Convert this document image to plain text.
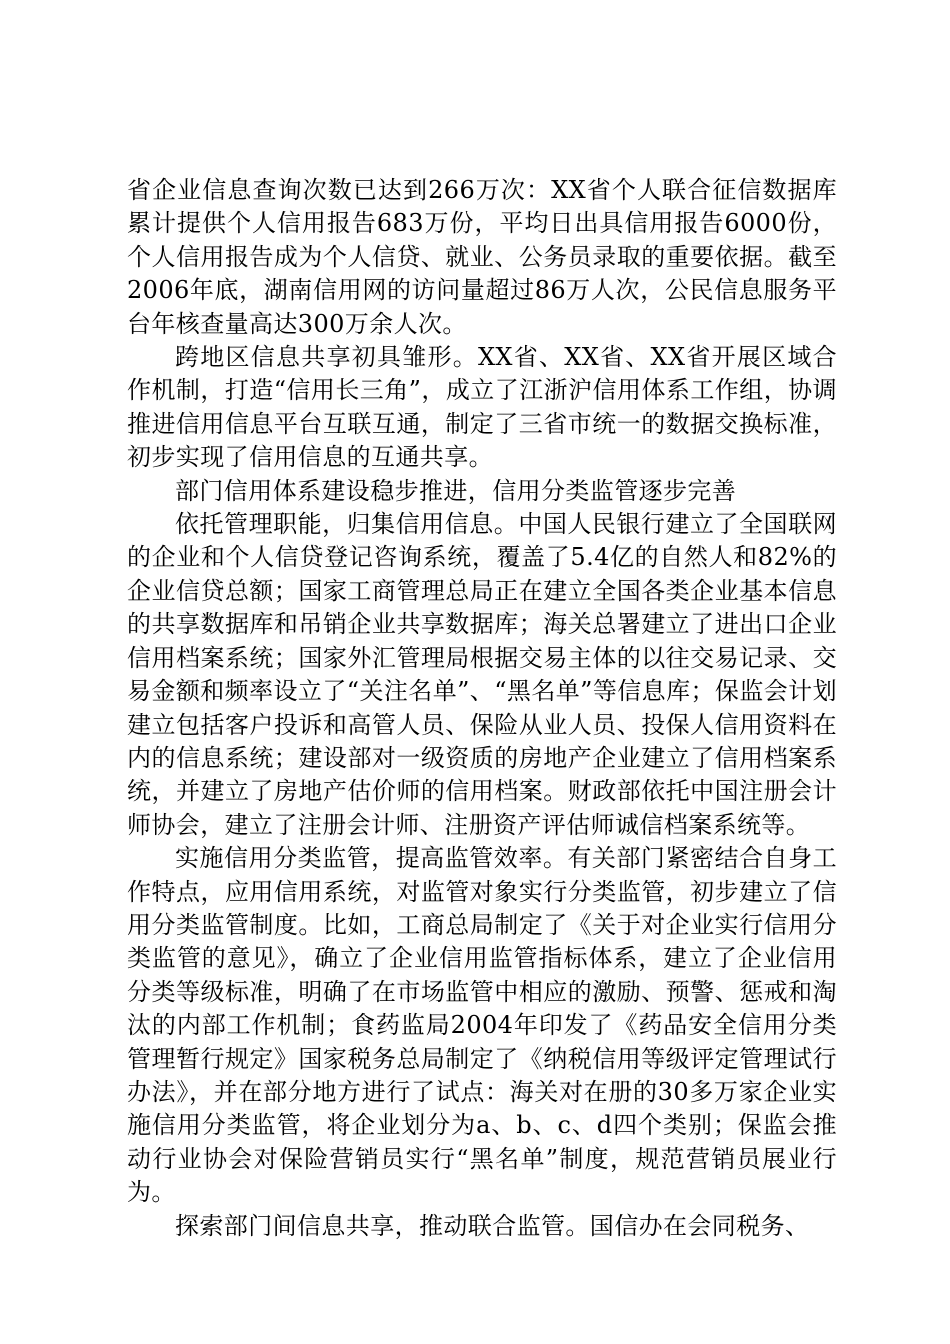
省企业信息查询次数已达到266万次：XX省个人联合征信数据库累计提供个人信用报告683万份，平均日出具信用报告6000份，个人信用报告成为个人信贷、就业、公务员录取的重要依据。截至2006年底，湖南信用网的访问量超过86万人次，公民信息服务平台年核查量高达300万余人次。

跨地区信息共享初具雏形。XX省、XX省、XX省开展区域合作机制，打造“信用长三角”，成立了江浙沪信用体系工作组，协调推进信用信息平台互联互通，制定了三省市统一的数据交换标准，初步实现了信用信息的互通共享。

部门信用体系建设稳步推进，信用分类监管逐步完善

依托管理职能，归集信用信息。中国人民银行建立了全国联网的企业和个人信贷登记咨询系统，覆盖了5.4亿的自然人和82%的企业信贷总额；国家工商管理总局正在建立全国各类企业基本信息的共享数据库和吊销企业共享数据库；海关总署建立了进出口企业信用档案系统；国家外汇管理局根据交易主体的以往交易记录、交易金额和频率设立了“关注名单”、“黑名单”等信息库；保监会计划建立包括客户投诉和高管人员、保险从业人员、投保人信用资料在内的信息系统；建设部对一级资质的房地产企业建立了信用档案系统，并建立了房地产估价师的信用档案。财政部依托中国注册会计师协会，建立了注册会计师、注册资产评估师诚信档案系统等。

实施信用分类监管，提高监管效率。有关部门紧密结合自身工作特点，应用信用系统，对监管对象实行分类监管，初步建立了信用分类监管制度。比如，工商总局制定了《关于对企业实行信用分类监管的意见》，确立了企业信用监管指标体系，建立了企业信用分类等级标准，明确了在市场监管中相应的激励、预警、惩戒和淘汰的内部工作机制；食药监局2004年印发了《药品安全信用分类管理暂行规定》国家税务总局制定了《纳税信用等级评定管理试行办法》，并在部分地方进行了试点：海关对在册的30多万家企业实施信用分类监管，将企业划分为a、b、c、d四个类别；保监会推动行业协会对保险营销员实行“黑名单”制度，规范营销员展业行为。

探索部门间信息共享，推动联合监管。国信办在会同税务、
